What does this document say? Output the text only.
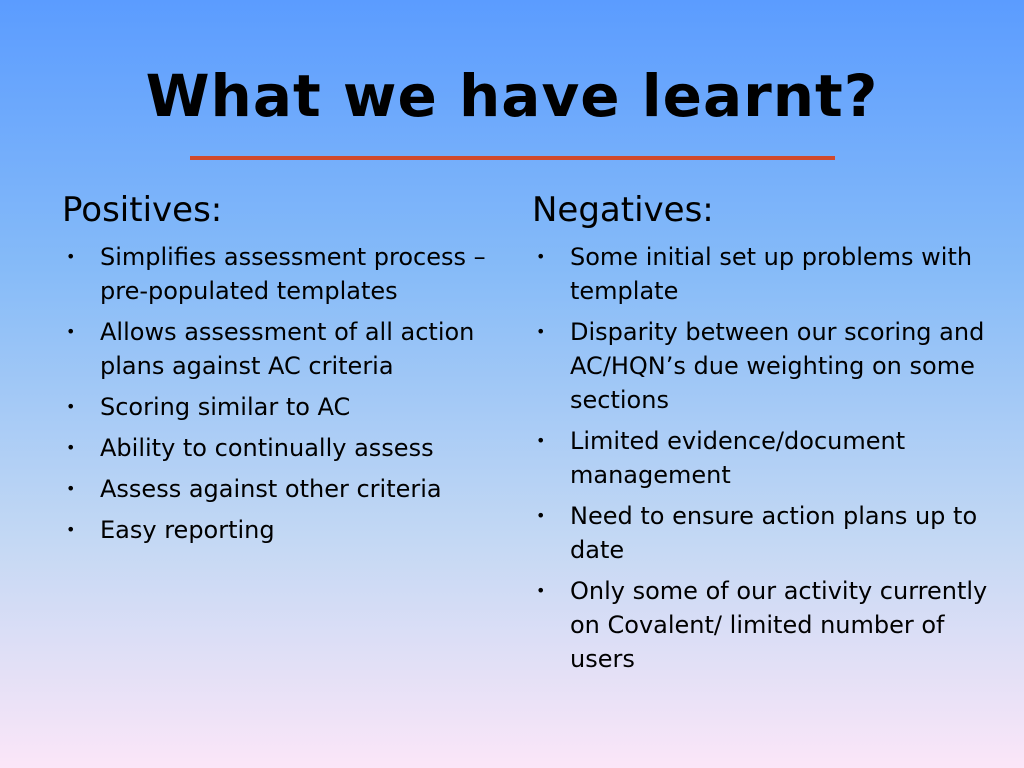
What we have learnt?
Positives:
• Simplifies assessment process – pre-populated templates
• Allows assessment of all action plans against AC criteria
• Scoring similar to AC
• Ability to continually assess
• Assess against other criteria
• Easy reporting
Negatives:
• Some initial set up problems with template
• Disparity between our scoring and AC/HQN’s due weighting on some sections
• Limited evidence/document management
• Need to ensure action plans up to date
• Only some of our activity currently on Covalent/ limited number of users
